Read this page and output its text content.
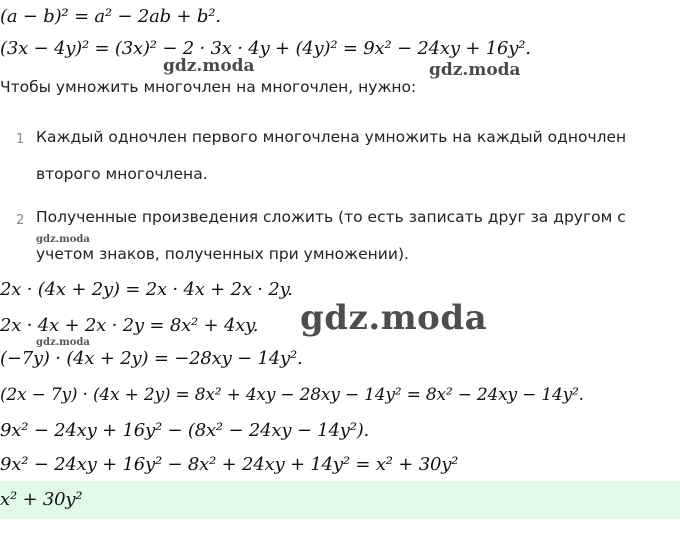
(a − b)² = a² − 2ab + b².
(3x − 4y)² = (3x)² − 2 · 3x · 4y + (4y)² = 9x² − 24xy + 16y².
gdz.moda	gdz.moda
Чтобы умножить многочлен на многочлен, нужно:
1 Каждый одночлен первого многочлена умножить на каждый одночлен
второго многочлена.
2 Полученные произведения сложить (то есть записать друг за другом с
gdz.moda
учетом знаков, полученных при умножении).
2x · (4x + 2y) = 2x · 4x + 2x · 2y.
2x · 4x + 2x · 2y = 8x² + 4xy. gdz.moda
gdz.moda
(−7y) · (4x + 2y) = −28xy − 14y².
(2x − 7y) · (4x + 2y) = 8x² + 4xy − 28xy − 14y² = 8x² − 24xy − 14y².
9x² − 24xy + 16y² − (8x² − 24xy − 14y²).
9x² − 24xy + 16y² − 8x² + 24xy + 14y² = x² + 30y²
x² + 30y²
